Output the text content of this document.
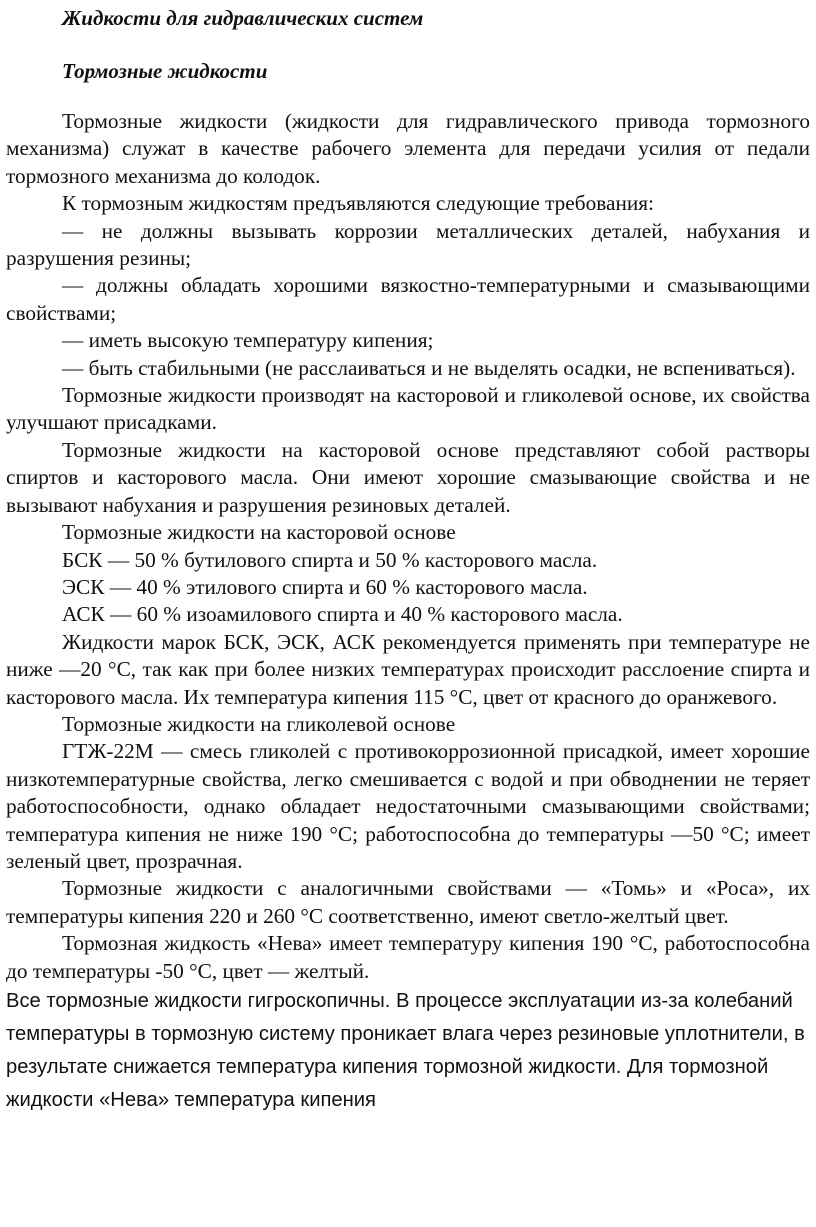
Жидкости для гидравлических систем

Тормозные жидкости

Тормозные жидкости (жидкости для гидравлического привода тормозного механизма) служат в качестве рабочего элемента для передачи усилия от педали тормозного механизма до колодок.

К тормозным жидкостям предъявляются следующие требования:

— не должны вызывать коррозии металлических деталей, набухания и разрушения резины;

— должны обладать хорошими вязкостно-температурными и смазывающими свойствами;

— иметь высокую температуру кипения;

— быть стабильными (не расслаиваться и не выделять осадки, не вспениваться).

Тормозные жидкости производят на касторовой и гликолевой основе, их свойства улучшают присадками.

Тормозные жидкости на касторовой основе представляют собой растворы спиртов и касторового масла. Они имеют хорошие смазывающие свойства и не вызывают набухания и разрушения резиновых деталей.

Тормозные жидкости на касторовой основе

БСК — 50 % бутилового спирта и 50 % касторового масла.

ЭСК — 40 % этилового спирта и 60 % касторового масла.

АСК — 60 % изоамилового спирта и 40 % касторового масла.

Жидкости марок БСК, ЭСК, АСК рекомендуется применять при температуре не ниже —20 °С, так как при более низких температурах происходит расслоение спирта и касторового масла. Их температура кипения 115 °С, цвет от красного до оранжевого.

Тормозные жидкости на гликолевой основе

ГТЖ-22М — смесь гликолей с противокоррозионной присадкой, имеет хорошие низкотемпературные свойства, легко смешивается с водой и при обводнении не теряет работоспособности, однако обладает недостаточными смазывающими свойствами; температура кипения не ниже 190 °С; работоспособна до температуры —50 °С; имеет зеленый цвет, прозрачная.

Тормозные жидкости с аналогичными свойствами — «Томь» и «Роса», их температуры кипения 220 и 260 °С соответственно, имеют светло-желтый цвет.

Тормозная жидкость «Нева» имеет температуру кипения 190 °С, работоспособна до температуры -50 °С, цвет — желтый.

Все тормозные жидкости гигроскопичны. В процессе эксплуатации из-за колебаний температуры в тормозную систему проникает влага через резиновые уплотнители, в результате снижается температура кипения тормозной жидкости. Для тормозной жидкости «Нева» температура кипения
